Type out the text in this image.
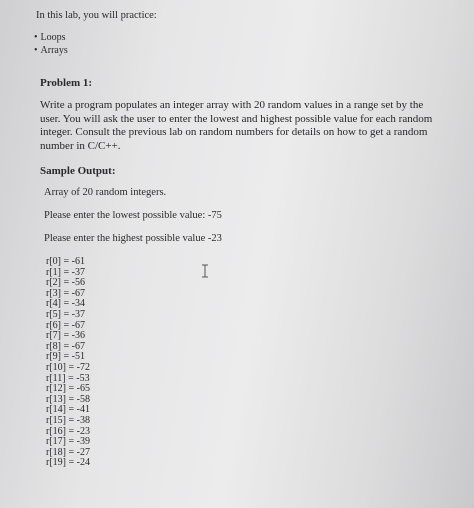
In this lab, you will practice:
• Loops
• Arrays
Problem 1:
Write a program populates an integer array with 20 random values in a range set by the user. You will ask the user to enter the lowest and highest possible value for each random integer. Consult the previous lab on random numbers for details on how to get a random number in C/C++.
Sample Output:
Array of 20 random integers.
Please enter the lowest possible value: -75
Please enter the highest possible value -23
r[0] = -61
r[1] = -37
r[2] = -56
r[3] = -67
r[4] = -34
r[5] = -37
r[6] = -67
r[7] = -36
r[8] = -67
r[9] = -51
r[10] = -72
r[11] = -53
r[12] = -65
r[13] = -58
r[14] = -41
r[15] = -38
r[16] = -23
r[17] = -39
r[18] = -27
r[19] = -24
